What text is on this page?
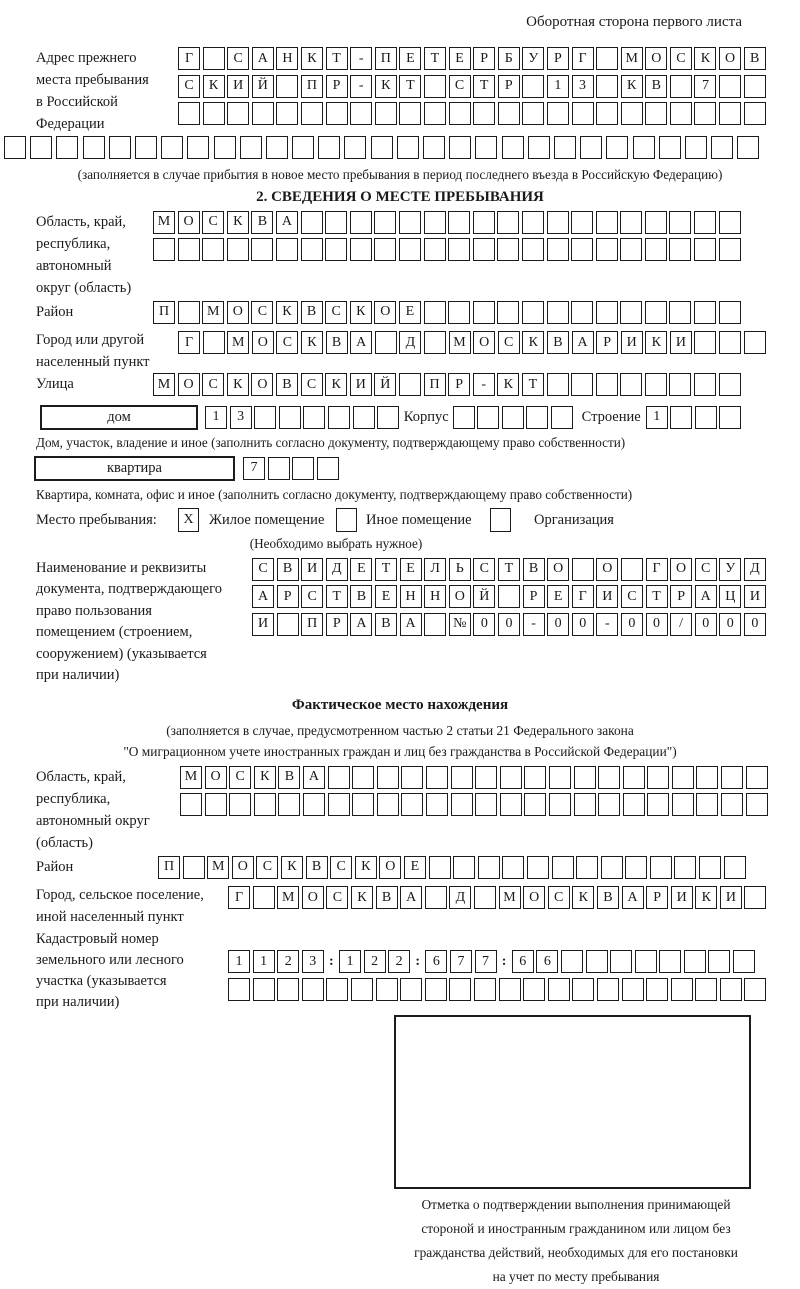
Оборотная сторона первого листа
Адрес прежнего
места пребывания
в Российской
Федерации
Г	С	А	Н	К	Т	-	П	Е	Т	Е	Р	Б	У	Р	Г	М О	С	К	О	В
С	К	И	Й	П	Р	-	К	Т	С	Т	Р	1	3	К	В	7
(заполняется в случае прибытия в новое место пребывания в период последнего въезда в Российскую Федерацию)
2. СВЕДЕНИЯ О МЕСТЕ ПРЕБЫВАНИЯ
Область, край,
республика,
автономный
округ (область)
М О	С	К	В	А
Район	П	М О	С	К	В	С	К	О	Е
Город или другой
населенный пункт
Г	М О	С	К	В	А	Д	М О	С	К	В	А	Р	И	К	И
Улица	М О	С	К	О	В	С	К	И	Й	П	Р	-	К	Т
дом	1	3	Корпус	Строение 1
Дом, участок, владение и иное (заполнить согласно документу, подтверждающему право собственности)
квартира	7
Квартира, комната, офис и иное (заполнить согласно документу, подтверждающему право собственности)
Место пребывания:	X	Жилое помещение	Иное помещение	Организация
(Необходимо выбрать нужное)
Наименование и реквизиты
документа, подтверждающего
право пользования
помещением (строением,
сооружением) (указывается
при наличии)
С	В	И	Д	Е	Т	Е	Л	Ь	С	Т	В	О	О	Г	О	С	У	Д
А	Р	С	Т	В	Е	Н	Н	О	Й	Р	Е	Г	И	С	Т	Р	А	Ц	И
И	П	Р	А	В	А	№	0	0	-	0	0	-	0	0	/	0	0	0
Фактическое место нахождения
(заполняется в случае, предусмотренном частью 2 статьи 21 Федерального закона
"О миграционном учете иностранных граждан и лиц без гражданства в Российской Федерации")
Область, край,
республика,
автономный округ
(область)
М О	С	К	В	А
Район	П	М О	С	К	В	С	К	О	Е
Город, сельское поселение,
иной населенный пункт
Г	М О	С	К	В	А	Д	М О	С	К	В	А	Р	И	К	И
Кадастровый номер
земельного или лесного
участка (указывается
при наличии)
1	1	2	3 : 1	2	2 : 6	7	7 : 6	6
Отметка о подтверждении выполнения принимающей
стороной и иностранным гражданином или лицом без
гражданства действий, необходимых для его постановки
на учет по месту пребывания
